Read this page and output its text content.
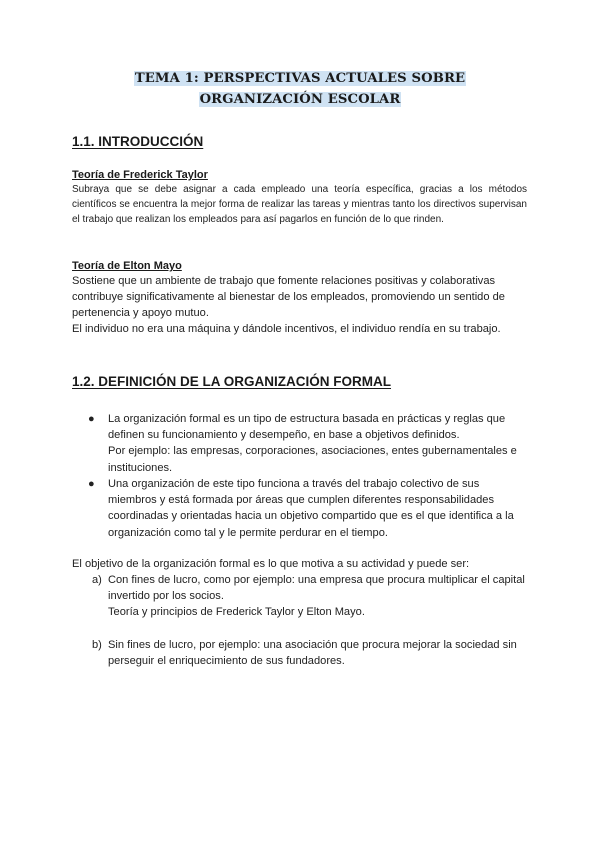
TEMA 1: PERSPECTIVAS ACTUALES SOBRE
ORGANIZACIÓN ESCOLAR
1.1. INTRODUCCIÓN
Teoría de Frederick Taylor
Subraya que se debe asignar a cada empleado una teoría específica, gracias a los métodos científicos se encuentra la mejor forma de realizar las tareas y mientras tanto los directivos supervisan el trabajo que realizan los empleados para así pagarlos en función de lo que rinden.
Teoría de Elton Mayo
Sostiene que un ambiente de trabajo que fomente relaciones positivas y colaborativas contribuye significativamente al bienestar de los empleados, promoviendo un sentido de pertenencia y apoyo mutuo.
El individuo no era una máquina y dándole incentivos, el individuo rendía en su trabajo.
1.2. DEFINICIÓN DE LA ORGANIZACIÓN FORMAL
● La organización formal es un tipo de estructura basada en prácticas y reglas que definen su funcionamiento y desempeño, en base a objetivos definidos.
Por ejemplo: las empresas, corporaciones, asociaciones, entes gubernamentales e instituciones.
● Una organización de este tipo funciona a través del trabajo colectivo de sus miembros y está formada por áreas que cumplen diferentes responsabilidades coordinadas y orientadas hacia un objetivo compartido que es el que identifica a la organización como tal y le permite perdurar en el tiempo.
El objetivo de la organización formal es lo que motiva a su actividad y puede ser:
a) Con fines de lucro, como por ejemplo: una empresa que procura multiplicar el capital invertido por los socios.
Teoría y principios de Frederick Taylor y Elton Mayo.
b) Sin fines de lucro, por ejemplo: una asociación que procura mejorar la sociedad sin perseguir el enriquecimiento de sus fundadores.
